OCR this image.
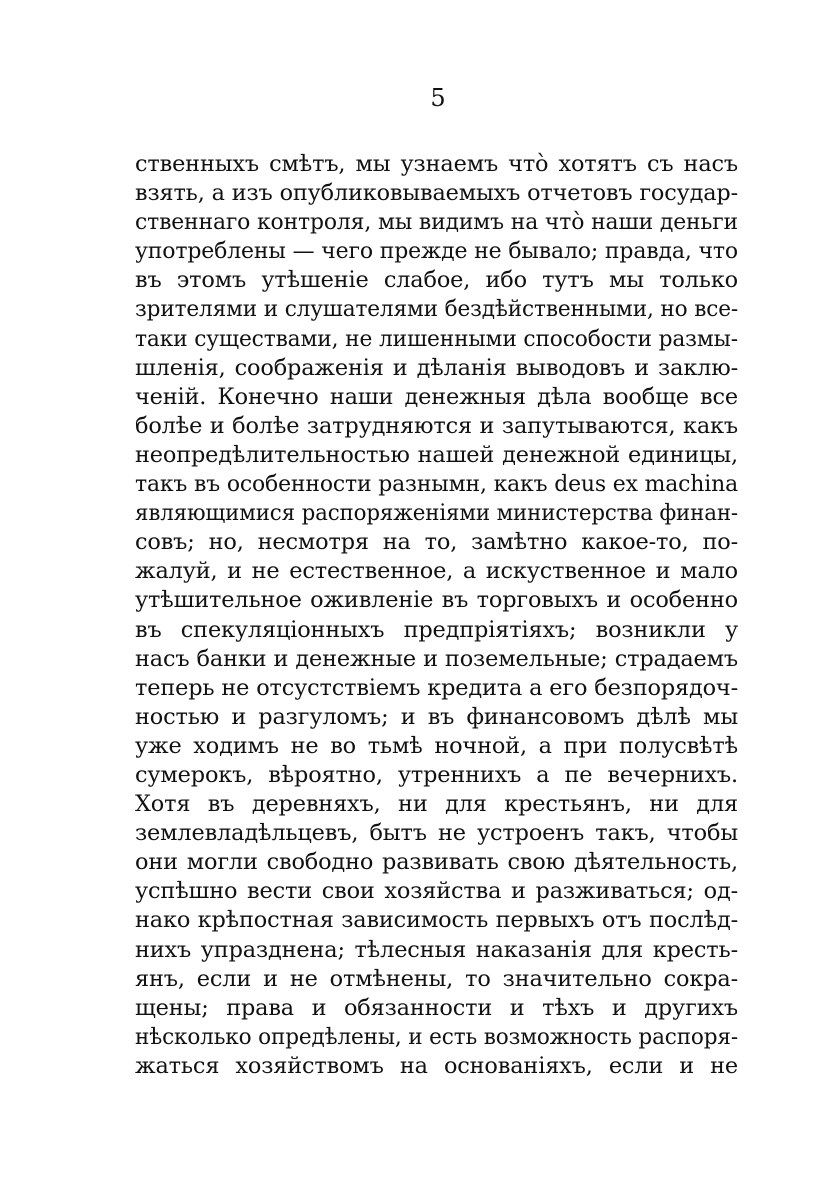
5
ственныхъ смѣтъ, мы узнаемъ что̀ хотятъ съ насъ
взять, а изъ опубликовываемыхъ отчетовъ государ-
ственнаго контроля, мы видимъ на что̀ наши деньги
употреблены — чего прежде не бывало; правда, что
въ этомъ утѣшеніе слабое, ибо тутъ мы только
зрителями и слушателями бездѣйственными, но все-
таки существами, не лишенными способости размы-
шленія, соображенія и дѣланія выводовъ и заклю-
ченій. Конечно наши денежныя дѣла вообще все
болѣе и болѣе затрудняются и запутываются, какъ
неопредѣлительностью нашей денежной единицы,
такъ въ особенности разнымн, какъ deus ex machina
являющимися распоряженіями министерства финан-
совъ; но, несмотря на то, замѣтно какое-то, по-
жалуй, и не естественное, а искуственное и мало
утѣшительное оживленіе въ торговыхъ и особенно
въ спекуляціонныхъ предпріятіяхъ; возникли у
насъ банки и денежные и поземельные; страдаемъ
теперь не отсустствіемъ кредита а его безпорядоч-
ностью и разгуломъ; и въ финансовомъ дѣлѣ мы
уже ходимъ не во тьмѣ ночной, а при полусвѣтѣ
сумерокъ, вѣроятно, утреннихъ а пе вечернихъ.
Хотя въ деревняхъ, ни для крестьянъ, ни для
землевладѣльцевъ, бытъ не устроенъ такъ, чтобы
они могли свободно развивать свою дѣятельность,
успѣшно вести свои хозяйства и разживаться; од-
нако крѣпостная зависимость первыхъ отъ послѣд-
нихъ упразднена; тѣлесныя наказанія для кресть-
янъ, если и не отмѣнены, то значительно сокра-
щены; права и обязанности и тѣхъ и другихъ
нѣсколько опредѣлены, и есть возможность распоря-
жаться хозяйствомъ на основаніяхъ, если и не
